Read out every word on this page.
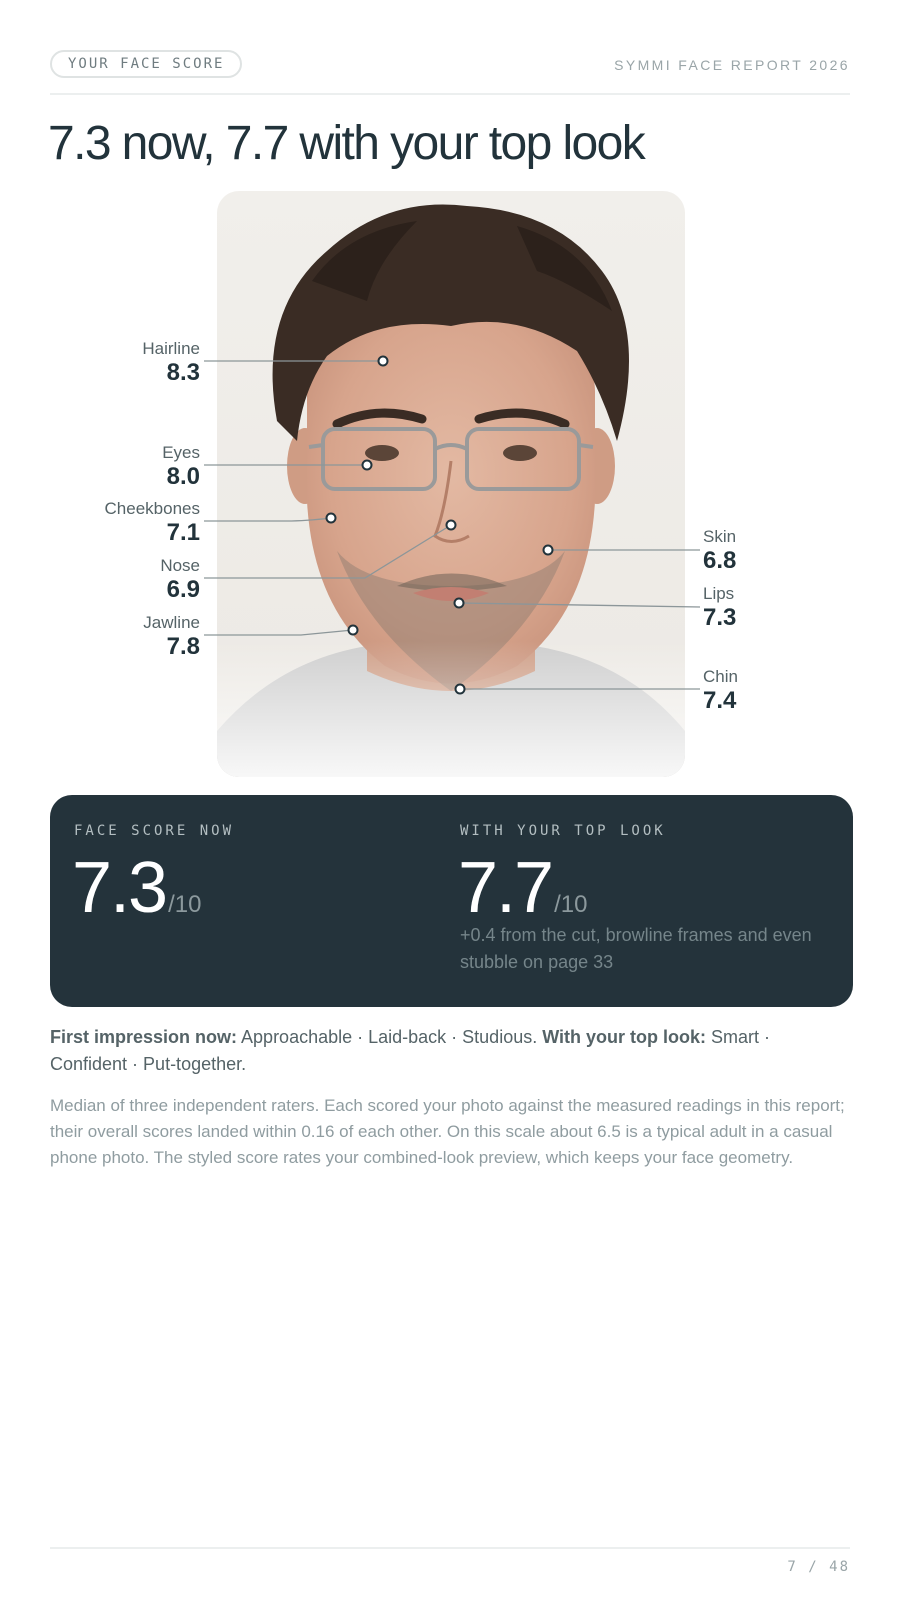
YOUR FACE SCORE	SYMMI FACE REPORT 2026
7.3 now, 7.7 with your top look
Hairline
8.3
Eyes
8.0
Cheekbones
7.1
Nose
6.9
Jawline
7.8
Skin
6.8
Lips
7.3
Chin
7.4
FACE SCORE NOW
7.3/10
WITH YOUR TOP LOOK
7.7/10
+0.4 from the cut, browline frames and even stubble on page 33

First impression now: Approachable · Laid-back · Studious. With your top look: Smart · Confident · Put-together.

Median of three independent raters. Each scored your photo against the measured readings in this report; their overall scores landed within 0.16 of each other. On this scale about 6.5 is a typical adult in a casual phone photo. The styled score rates your combined-look preview, which keeps your face geometry.

7 / 48
